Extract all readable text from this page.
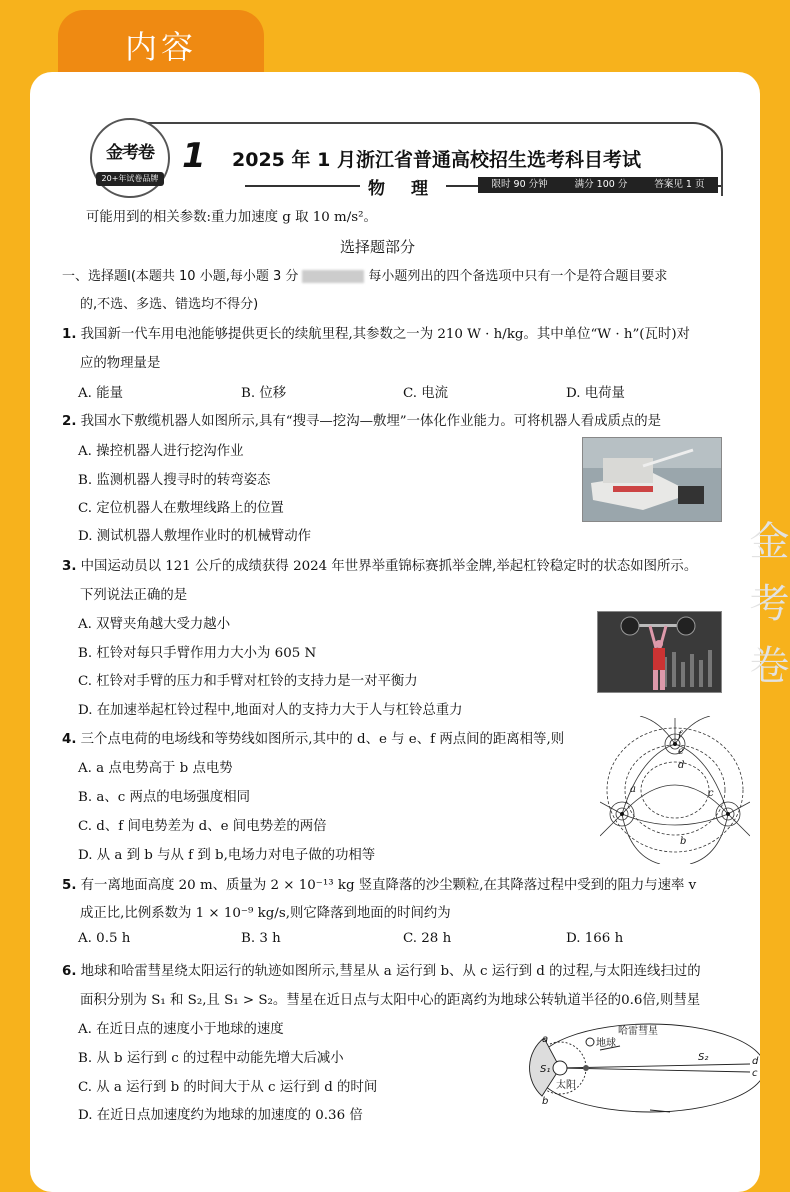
内容
金考卷
金考卷
20+年试卷品牌
1 2025 年 1 月浙江省普通高校招生选考科目考试
物 理	限时 90 分钟	满分 100 分	答案见 1 页
可能用到的相关参数:重力加速度 g 取 10 m/s²。
选择题部分
一、选择题Ⅰ(本题共 10 小题,每小题 3 分	每小题列出的四个备选项中只有一个是符合题目要求
的,不选、多选、错选均不得分)
1. 我国新一代车用电池能够提供更长的续航里程,其参数之一为 210 W · h/kg。其中单位“W · h”(瓦时)对
应的物理量是
A. 能量	B. 位移	C. 电流	D. 电荷量
2. 我国水下敷缆机器人如图所示,具有“搜寻—挖沟—敷埋”一体化作业能力。可将机器人看成质点的是
A. 操控机器人进行挖沟作业
B. 监测机器人搜寻时的转弯姿态
C. 定位机器人在敷埋线路上的位置
D. 测试机器人敷埋作业时的机械臂动作
3. 中国运动员以 121 公斤的成绩获得 2024 年世界举重锦标赛抓举金牌,举起杠铃稳定时的状态如图所示。
下列说法正确的是
A. 双臂夹角越大受力越小
B. 杠铃对每只手臂作用力大小为 605 N
C. 杠铃对手臂的压力和手臂对杠铃的支持力是一对平衡力
D. 在加速举起杠铃过程中,地面对人的支持力大于人与杠铃总重力
4. 三个点电荷的电场线和等势线如图所示,其中的 d、e 与 e、f 两点间的距离相等,则
A. a 点电势高于 b 点电势
B. a、c 两点的电场强度相同
C. d、f 间电势差为 d、e 间电势差的两倍
D. 从 a 到 b 与从 f 到 b,电场力对电子做的功相等
a
b
c
d
e
f
5. 有一离地面高度 20 m、质量为 2 × 10⁻¹³ kg 竖直降落的沙尘颗粒,在其降落过程中受到的阻力与速率 v
成正比,比例系数为 1 × 10⁻⁹ kg/s,则它降落到地面的时间约为
A. 0.5 h	B. 3 h	C. 28 h	D. 166 h
6. 地球和哈雷彗星绕太阳运行的轨迹如图所示,彗星从 a 运行到 b、从 c 运行到 d 的过程,与太阳连线扫过的
面积分别为 S₁ 和 S₂,且 S₁ > S₂。彗星在近日点与太阳中心的距离约为地球公转轨道半径的0.6倍,则彗星
A. 在近日点的速度小于地球的速度
B. 从 b 运行到 c 的过程中动能先增大后减小
C. 从 a 运行到 b 的时间大于从 c 运行到 d 的时间
D. 在近日点加速度约为地球的加速度的 0.36 倍
哈雷彗星
地球
太阳
S₁
S₂
a
b
c
d
